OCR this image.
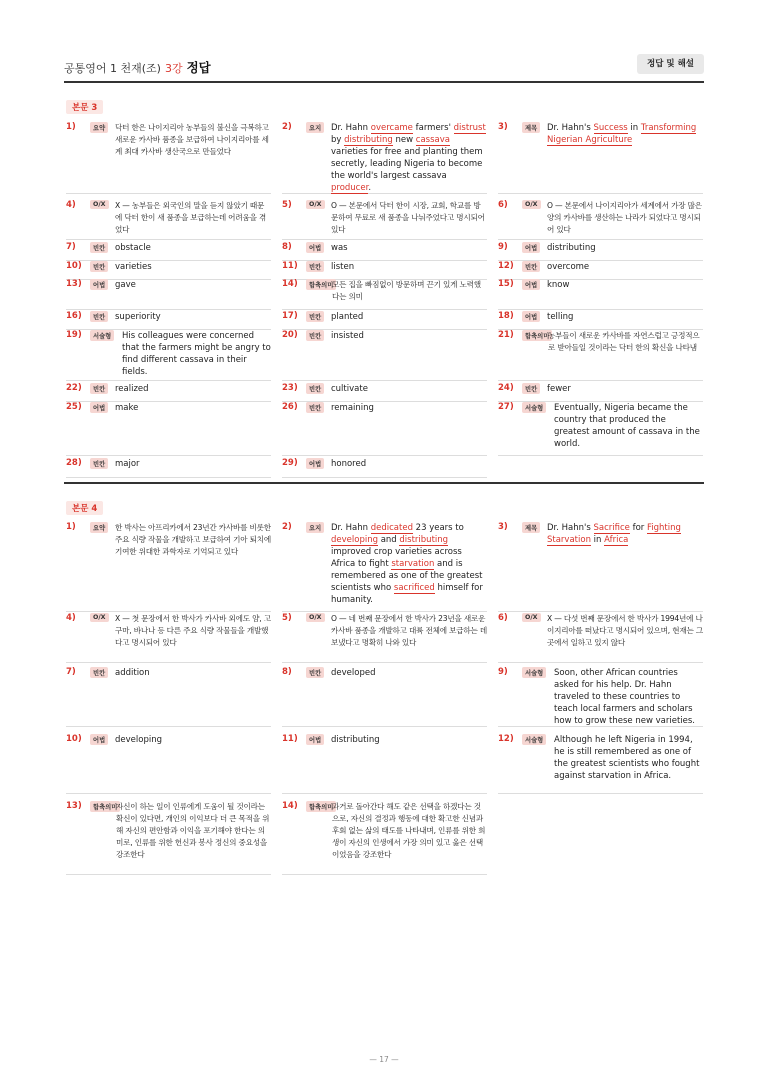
공통영어 1 천재(조) 3강 정답	정답 및 해설
본문 3
1)	요약	닥터 한은 나이지리아 농부들의 불신을 극복하고 새로운 카사바 품종을 보급하여 나이지리아를 세계 최대 카사바 생산국으로 만들었다
2)	요지	Dr. Hahn overcame farmers' distrust by distributing new cassava varieties for free and planting them secretly, leading Nigeria to become the world's largest cassava producer.
3)	제목	Dr. Hahn's Success in Transforming Nigerian Agriculture
4)	O/X	X — 농부들은 외국인의 말을 듣지 않았기 때문에 닥터 한이 새 품종을 보급하는데 어려움을 겪었다
5)	O/X	O — 본문에서 닥터 한이 시장, 교회, 학교를 방문하여 무료로 새 품종을 나눠주었다고 명시되어 있다
6)	O/X	O — 본문에서 나이지리아가 세계에서 가장 많은 양의 카사바를 생산하는 나라가 되었다고 명시되어 있다
7)	빈칸	obstacle	8)	어법	was	9)	어법	distributing
10)	빈칸	varieties	11)	빈칸	listen	12)	빈칸	overcome
13)	어법	gave	14)	함축의미
모든 집을 빠짐없이 방문하며 끈기 있게 노력했다는 의미
15)	어법	know
16)	빈칸	superiority	17)	빈칸	planted	18)	어법	telling
19)	서술형	His colleagues were concerned that the farmers might be angry to find different cassava in their fields.
20)	빈칸	insisted	21)	함축의미
농부들이 새로운 카사바를 자연스럽고 긍정적으로 받아들일 것이라는 닥터 한의 확신을 나타냄
22)	빈칸	realized	23)	빈칸	cultivate	24)	빈칸	fewer
25)	어법	make	26)	빈칸	remaining	27)	서술형	Eventually, Nigeria became the country that produced the greatest amount of cassava in the world.
28)	빈칸	major	29)	어법	honored
본문 4
1)	요약	한 박사는 아프리카에서 23년간 카사바를 비롯한 주요 식량 작물을 개발하고 보급하여 기아 퇴치에 기여한 위대한 과학자로 기억되고 있다
2)	요지	Dr. Hahn dedicated 23 years to developing and distributing improved crop varieties across Africa to fight starvation and is remembered as one of the greatest scientists who sacrificed himself for humanity.
3)	제목	Dr. Hahn's Sacrifice for Fighting Starvation in Africa
4)	O/X	X — 첫 문장에서 한 박사가 카사바 외에도 얌, 고구마, 바나나 등 다른 주요 식량 작물들을 개발했다고 명시되어 있다
5)	O/X	O — 네 번째 문장에서 한 박사가 23년을 새로운 카사바 품종을 개발하고 대륙 전체에 보급하는 데 보냈다고 명확히 나와 있다
6)	O/X	X — 다섯 번째 문장에서 한 박사가 1994년에 나이지리아를 떠났다고 명시되어 있으며, 현재는 그곳에서 일하고 있지 않다
7)	빈칸	addition	8)	빈칸	developed	9)	서술형	Soon, other African countries asked for his help. Dr. Hahn traveled to these countries to teach local farmers and scholars how to grow these new varieties.
10)	어법	developing	11)	어법	distributing	12)	서술형	Although he left Nigeria in 1994, he is still remembered as one of the greatest scientists who fought against starvation in Africa.
13)	함축의미
자신이 하는 일이 인류에게 도움이 될 것이라는 확신이 있다면, 개인의 이익보다 더 큰 목적을 위해 자신의 편안함과 이익을 포기해야 한다는 의미로, 인류를 위한 헌신과 봉사 정신의 중요성을 강조한다
14)	함축의미
과거로 돌아간다 해도 같은 선택을 하겠다는 것으로, 자신의 결정과 행동에 대한 확고한 신념과 후회 없는 삶의 태도를 나타내며, 인류를 위한 희생이 자신의 인생에서 가장 의미 있고 옳은 선택이었음을 강조한다
— 17 —
